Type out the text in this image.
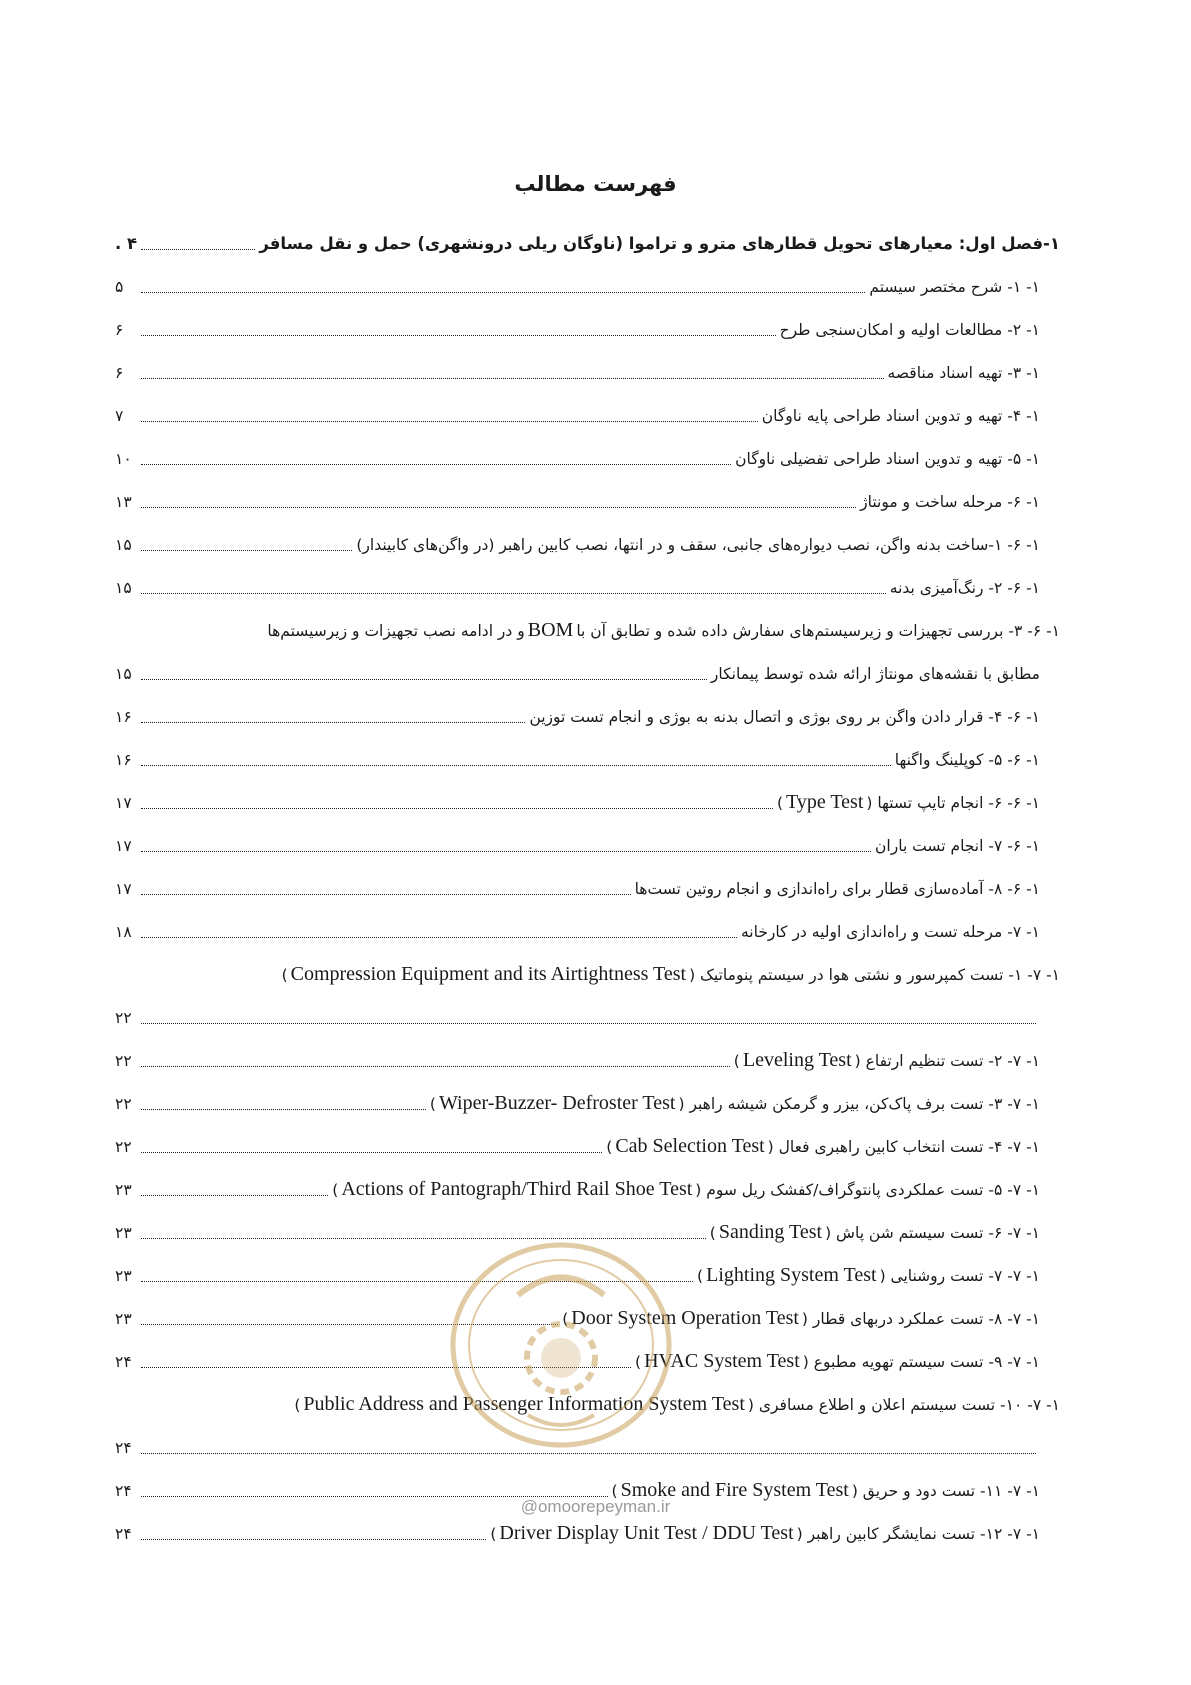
فهرست مطالب
۱-فصل اول: معیارهای تحویل قطارهای مترو و تراموا (ناوگان ریلی درونشهری) حمل و نقل مسافر
۴ .
۱- ۱- شرح مختصر سیستم
۵
۱- ۲- مطالعات اولیه و امکان‌سنجی طرح
۶
۱- ۳- تهیه اسناد مناقصه
۶
۱- ۴- تهیه و تدوین اسناد طراحی پایه ناوگان
۷
۱- ۵- تهیه و تدوین اسناد طراحی تفضیلی ناوگان
۱۰
۱- ۶- مرحله ساخت و مونتاژ
۱۳
۱- ۶- ۱-ساخت بدنه واگن، نصب دیواره‌های جانبی، سقف و در انتها، نصب کابین راهبر (در واگن‌های کابیندار)
۱۵
۱- ۶- ۲- رنگ‌آمیزی بدنه
۱۵
۱- ۶- ۳- بررسی تجهیزات و زیرسیستم‌های سفارش داده شده و تطابق آن با
BOM
و در ادامه نصب تجهیزات و زیرسیستم‌ها
مطابق با نقشه‌های مونتاژ ارائه شده توسط پیمانکار
۱۵
۱- ۶- ۴- قرار دادن واگن بر روی بوژی و اتصال بدنه به بوژی و انجام تست توزین
۱۶
۱- ۶- ۵- کوپلینگ واگنها
۱۶
۱- ۶- ۶- انجام تایپ تستها (
Type Test
)
۱۷
۱- ۶- ۷- انجام تست باران
۱۷
۱- ۶- ۸- آماده‌سازی قطار برای راه‌اندازی و انجام روتین تست‌ها
۱۷
۱- ۷- مرحله تست و راه‌اندازی اولیه در کارخانه
۱۸
۱- ۷- ۱- تست کمپرسور و نشتی هوا در سیستم پنوماتیک (
Compression Equipment and its Airtightness Test
)
۲۲
۱- ۷- ۲- تست تنظیم ارتفاع (
Leveling Test
)
۲۲
۱- ۷- ۳- تست برف پاک‌کن، بیزر و گرمکن شیشه راهبر (
Wiper-Buzzer- Defroster Test
)
۲۲
۱- ۷- ۴- تست انتخاب کابین راهبری فعال (
Cab Selection Test
)
۲۲
۱- ۷- ۵- تست عملکردی پانتوگراف/کفشک ریل سوم (
Actions of Pantograph/Third Rail Shoe Test
)
۲۳
۱- ۷- ۶- تست سیستم شن پاش (
Sanding Test
)
۲۳
۱- ۷- ۷- تست روشنایی (
Lighting System Test
)
۲۳
۱- ۷- ۸- تست عملکرد دربهای قطار (
Door System Operation Test
)
۲۳
۱- ۷- ۹- تست سیستم تهویه مطبوع (
HVAC System Test
)
۲۴
۱- ۷- ۱۰- تست سیستم اعلان و اطلاع مسافری (
Public Address and Passenger Information System Test
)
۲۴
۱- ۷- ۱۱- تست دود و حریق (
Smoke and Fire System Test
)
۲۴
۱- ۷- ۱۲- تست نمایشگر کابین راهبر (
Driver Display Unit Test / DDU Test
)
۲۴
@omoorepeyman.ir
